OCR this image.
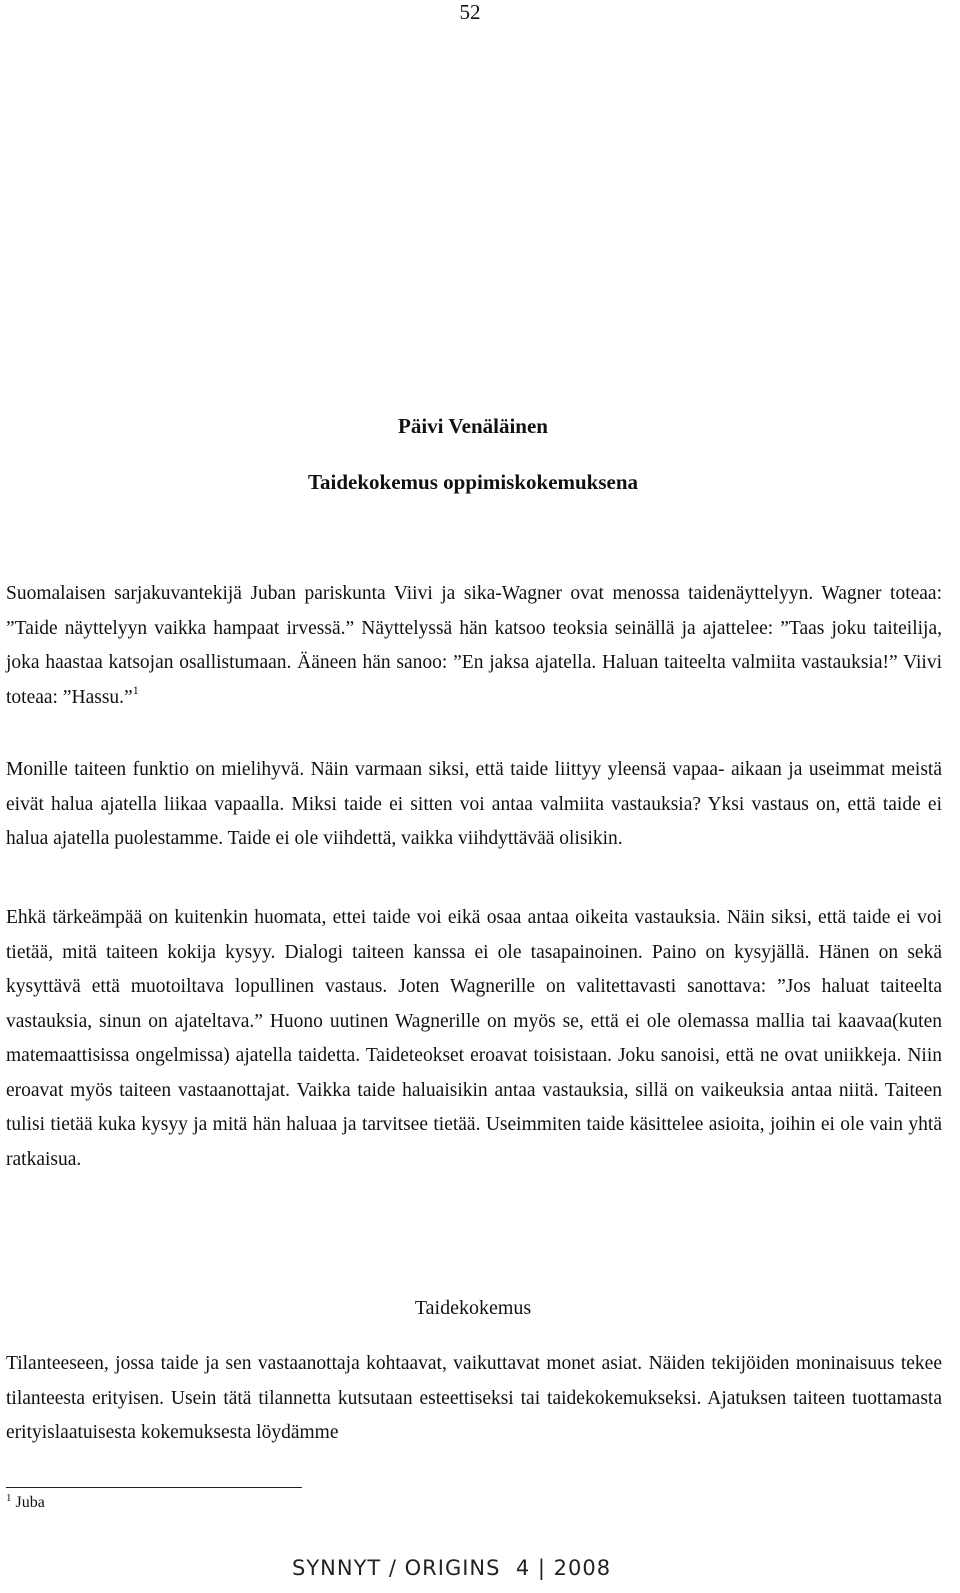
52
Päivi Venäläinen
Taidekokemus oppimiskokemuksena

Suomalaisen sarjakuvantekijä Juban pariskunta Viivi ja sika-Wagner ovat menossa taidenäyttelyyn. Wagner toteaa: ”Taide näyttelyyn vaikka hampaat irvessä.” Näyttelyssä hän katsoo teoksia seinällä ja ajattelee: ”Taas joku taiteilija, joka haastaa katsojan osallistumaan. Ääneen hän sanoo: ”En jaksa ajatella. Haluan taiteelta valmiita vastauksia!” Viivi toteaa: ”Hassu.”$^1$

Monille taiteen funktio on mielihyvä. Näin varmaan siksi, että taide liittyy yleensä vapaa- aikaan ja useimmat meistä eivät halua ajatella liikaa vapaalla. Miksi taide ei sitten voi antaa valmiita vastauksia? Yksi vastaus on, että taide ei halua ajatella puolestamme. Taide ei ole viihdettä, vaikka viihdyttävää olisikin.

Ehkä tärkeämpää on kuitenkin huomata, ettei taide voi eikä osaa antaa oikeita vastauksia. Näin siksi, että taide ei voi tietää, mitä taiteen kokija kysyy. Dialogi taiteen kanssa ei ole tasapainoinen. Paino on kysyjällä. Hänen on sekä kysyttävä että muotoiltava lopullinen vastaus. Joten Wagnerille on valitettavasti sanottava: ”Jos haluat taiteelta vastauksia, sinun on ajateltava.” Huono uutinen Wagnerille on myös se, että ei ole olemassa mallia tai kaavaa(kuten matemaattisissa ongelmissa) ajatella taidetta. Taideteokset eroavat toisistaan. Joku sanoisi, että ne ovat uniikkeja. Niin eroavat myös taiteen vastaanottajat. Vaikka taide haluaisikin antaa vastauksia, sillä on vaikeuksia antaa niitä. Taiteen tulisi tietää kuka kysyy ja mitä hän haluaa ja tarvitsee tietää. Useimmiten taide käsittelee asioita, joihin ei ole vain yhtä ratkaisua.

Taidekokemus

Tilanteeseen, jossa taide ja sen vastaanottaja kohtaavat, vaikuttavat monet asiat. Näiden tekijöiden moninaisuus tekee tilanteesta erityisen. Usein tätä tilannetta kutsutaan esteettiseksi tai taidekokemukseksi. Ajatuksen taiteen tuottamasta erityislaatuisesta kokemuksesta löydämme

$^1$ Juba
SYNNYT / ORIGINS  4 | 2008
